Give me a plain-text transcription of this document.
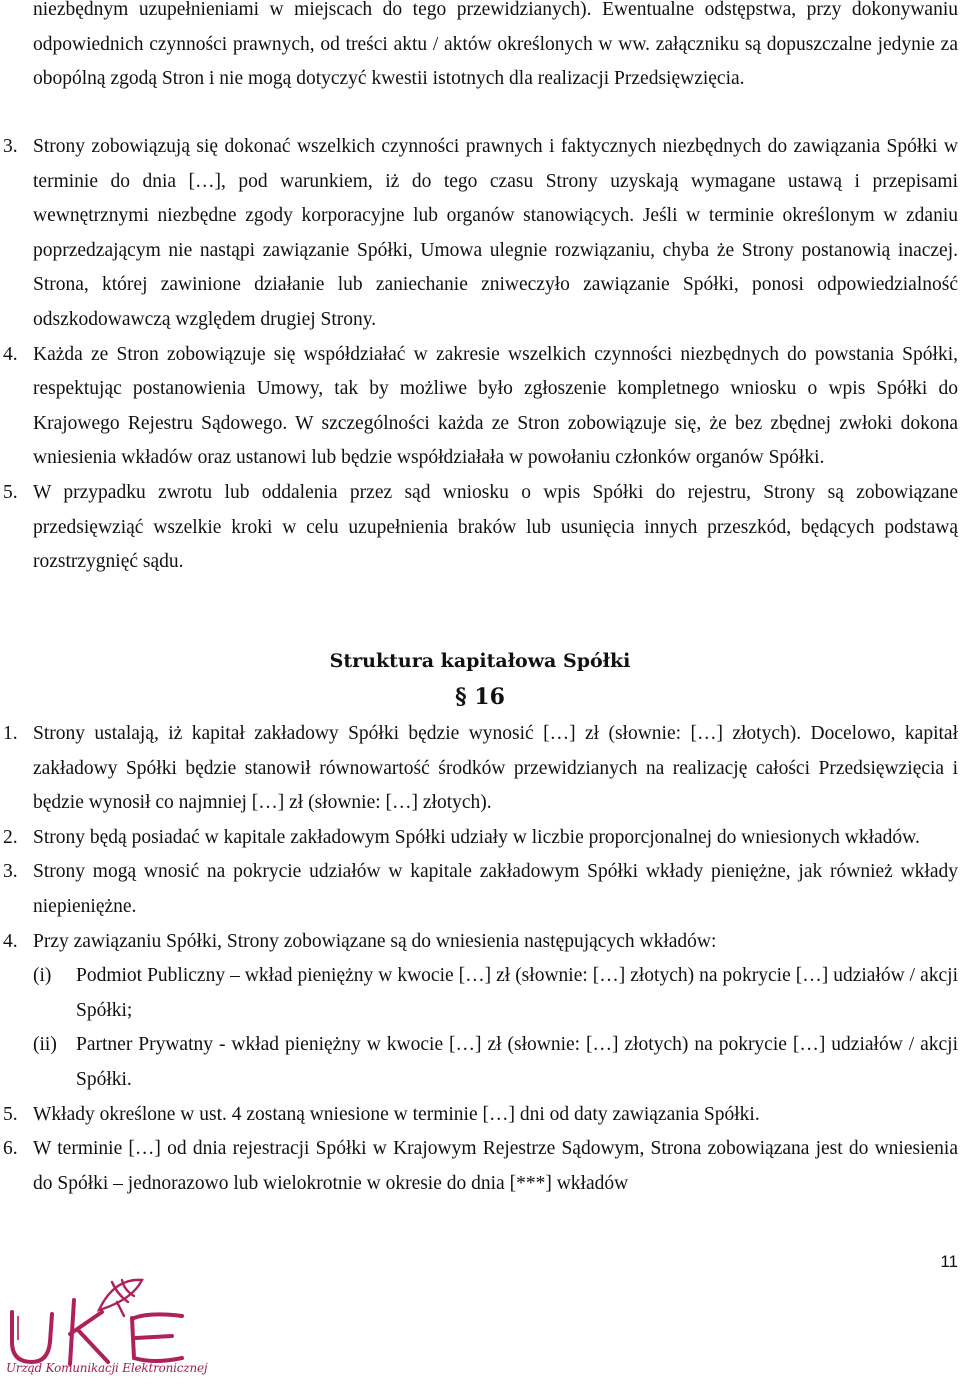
niezbędnym uzupełnieniami w miejscach do tego przewidzianych). Ewentualne odstępstwa, przy dokonywaniu odpowiednich czynności prawnych, od treści aktu / aktów określonych w ww. załączniku są dopuszczalne jedynie za obopólną zgodą Stron i nie mogą dotyczyć kwestii istotnych dla realizacji Przedsięwzięcia.

3. Strony zobowiązują się dokonać wszelkich czynności prawnych i faktycznych niezbędnych do zawiązania Spółki w terminie do dnia […], pod warunkiem, iż do tego czasu Strony uzyskają wymagane ustawą i przepisami wewnętrznymi niezbędne zgody korporacyjne lub organów stanowiących. Jeśli w terminie określonym w zdaniu poprzedzającym nie nastąpi zawiązanie Spółki, Umowa ulegnie rozwiązaniu, chyba że Strony postanowią inaczej. Strona, której zawinione działanie lub zaniechanie zniweczyło zawiązanie Spółki, ponosi odpowiedzialność odszkodowawczą względem drugiej Strony.

4. Każda ze Stron zobowiązuje się współdziałać w zakresie wszelkich czynności niezbędnych do powstania Spółki, respektując postanowienia Umowy, tak by możliwe było zgłoszenie kompletnego wniosku o wpis Spółki do Krajowego Rejestru Sądowego. W szczególności każda ze Stron zobowiązuje się, że bez zbędnej zwłoki dokona wniesienia wkładów oraz ustanowi lub będzie współdziałała w powołaniu członków organów Spółki.

5. W przypadku zwrotu lub oddalenia przez sąd wniosku o wpis Spółki do rejestru, Strony są zobowiązane przedsięwziąć wszelkie kroki w celu uzupełnienia braków lub usunięcia innych przeszkód, będących podstawą rozstrzygnięć sądu.

Struktura kapitałowa Spółki
§ 16
1. Strony ustalają, iż kapitał zakładowy Spółki będzie wynosić […] zł (słownie: […] złotych). Docelowo, kapitał zakładowy Spółki będzie stanowił równowartość środków przewidzianych na realizację całości Przedsięwzięcia i będzie wynosił co najmniej […] zł (słownie: […] złotych).

2. Strony będą posiadać w kapitale zakładowym Spółki udziały w liczbie proporcjonalnej do wniesionych wkładów.

3. Strony mogą wnosić na pokrycie udziałów w kapitale zakładowym Spółki wkłady pieniężne, jak również wkłady niepieniężne.

4. Przy zawiązaniu Spółki, Strony zobowiązane są do wniesienia następujących wkładów:

(i) Podmiot Publiczny – wkład pieniężny w kwocie […] zł (słownie: […] złotych) na pokrycie […] udziałów / akcji Spółki;

(ii) Partner Prywatny - wkład pieniężny w kwocie […] zł (słownie: […] złotych) na pokrycie […] udziałów / akcji Spółki.

5. Wkłady określone w ust. 4 zostaną wniesione w terminie […] dni od daty zawiązania Spółki.

6. W terminie […] od dnia rejestracji Spółki w Krajowym Rejestrze Sądowym, Strona zobowiązana jest do wniesienia do Spółki – jednorazowo lub wielokrotnie w okresie do dnia [***] wkładów

11
Urząd Komunikacji Elektronicznej
